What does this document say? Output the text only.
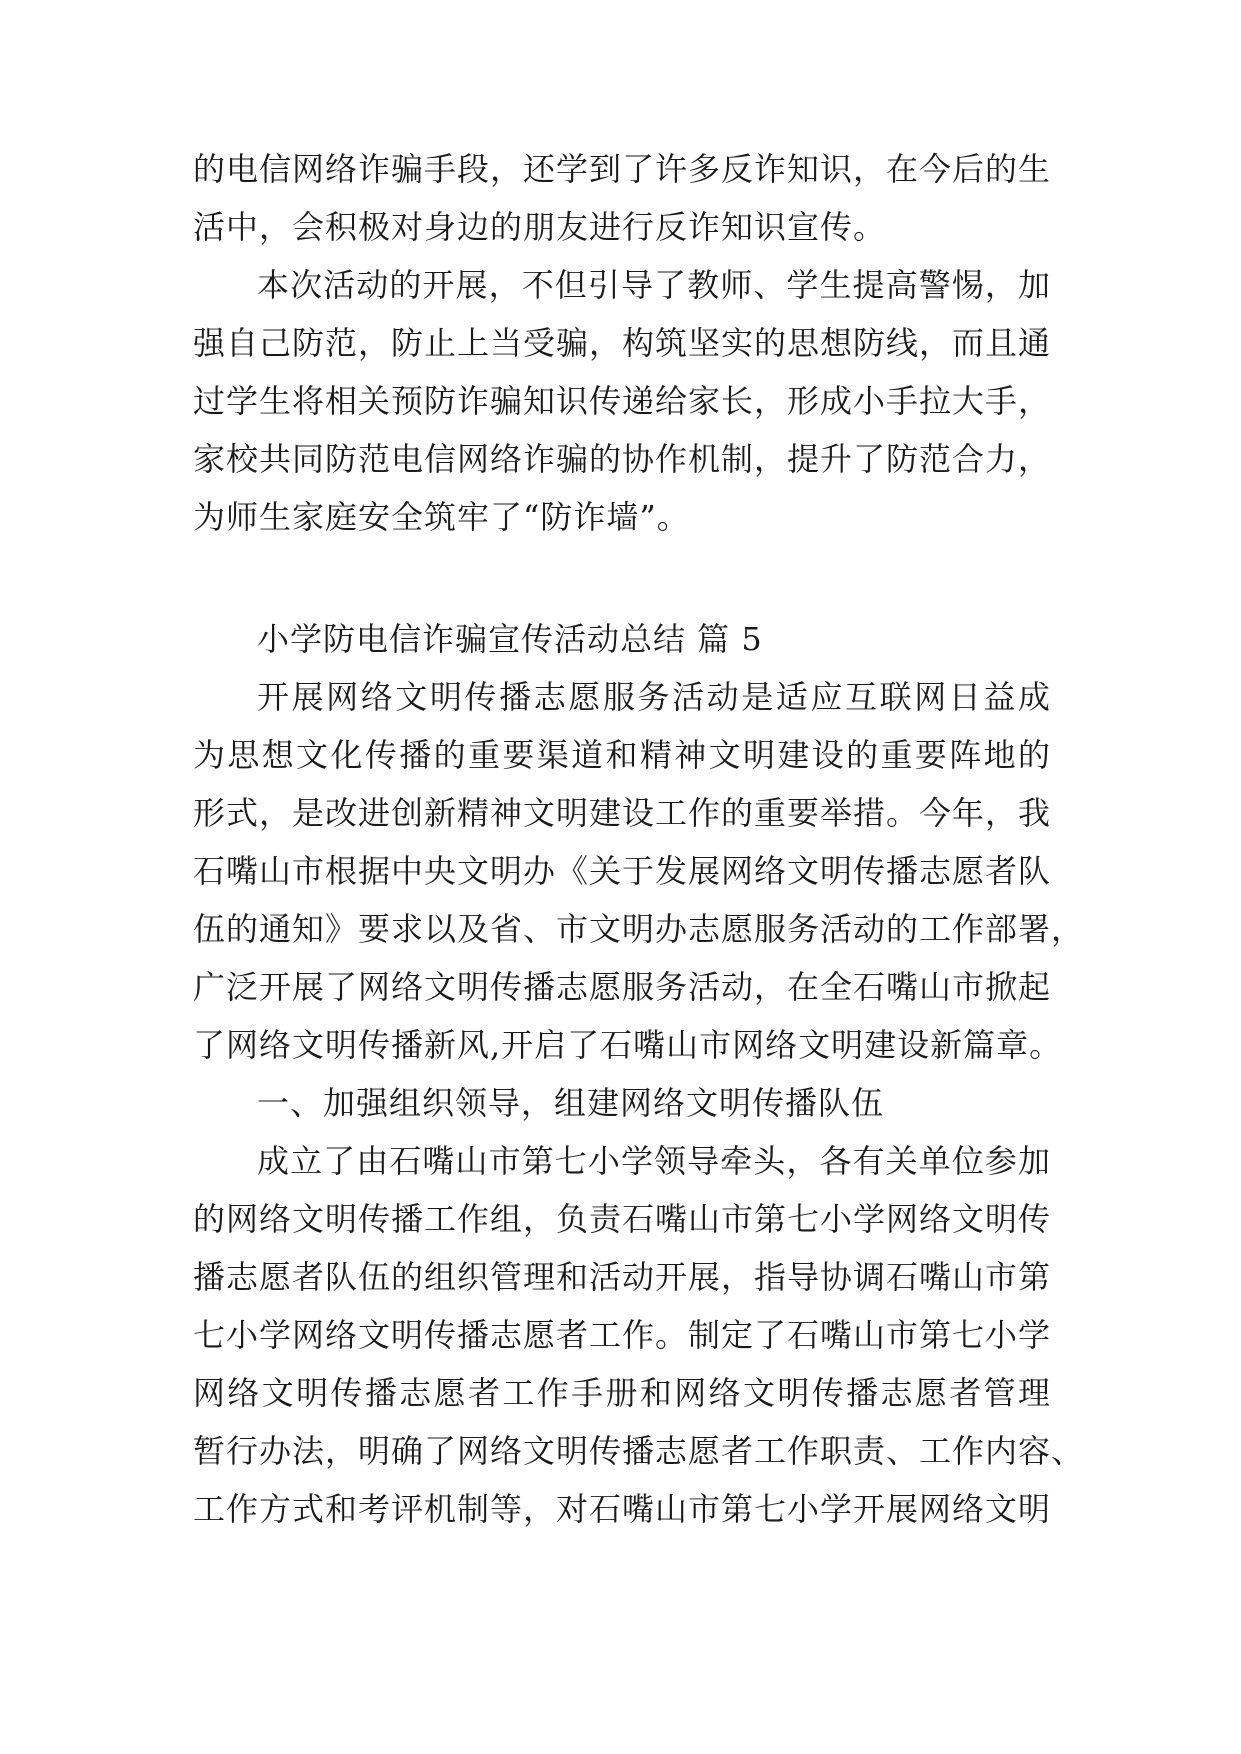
的电信网络诈骗手段，还学到了许多反诈知识，在今后的生
活中，会积极对身边的朋友进行反诈知识宣传。
本次活动的开展，不但引导了教师、学生提高警惕，加
强自己防范，防止上当受骗，构筑坚实的思想防线，而且通
过学生将相关预防诈骗知识传递给家长，形成小手拉大手，
家校共同防范电信网络诈骗的协作机制，提升了防范合力，
为师生家庭安全筑牢了“防诈墙”。
小学防电信诈骗宣传活动总结 篇 5
开展网络文明传播志愿服务活动是适应互联网日益成
为思想文化传播的重要渠道和精神文明建设的重要阵地的
形式，是改进创新精神文明建设工作的重要举措。今年，我
石嘴山市根据中央文明办《关于发展网络文明传播志愿者队
伍的通知》要求以及省、市文明办志愿服务活动的工作部署，
广泛开展了网络文明传播志愿服务活动，在全石嘴山市掀起
了网络文明传播新风,开启了石嘴山市网络文明建设新篇章。
一、加强组织领导，组建网络文明传播队伍
成立了由石嘴山市第七小学领导牵头，各有关单位参加
的网络文明传播工作组，负责石嘴山市第七小学网络文明传
播志愿者队伍的组织管理和活动开展，指导协调石嘴山市第
七小学网络文明传播志愿者工作。制定了石嘴山市第七小学
网络文明传播志愿者工作手册和网络文明传播志愿者管理
暂行办法，明确了网络文明传播志愿者工作职责、工作内容、
工作方式和考评机制等，对石嘴山市第七小学开展网络文明
